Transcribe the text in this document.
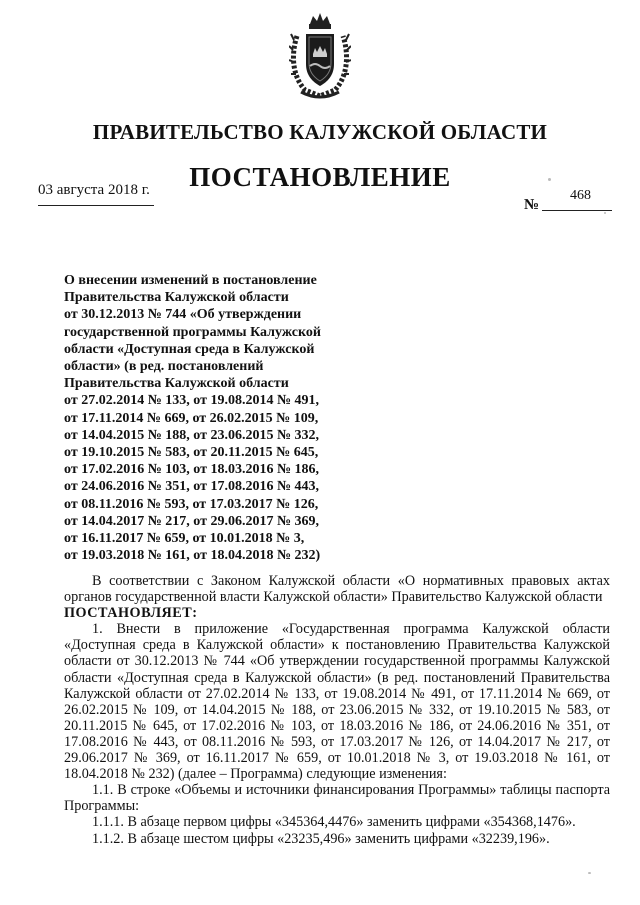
ПРАВИТЕЛЬСТВО КАЛУЖСКОЙ ОБЛАСТИ
ПОСТАНОВЛЕНИЕ
03 августа 2018 г.	468
№
О внесении изменений в постановление
Правительства Калужской области
от 30.12.2013 № 744 «Об утверждении
государственной программы Калужской
области «Доступная среда в Калужской
области» (в ред. постановлений
Правительства Калужской области
от 27.02.2014 № 133, от 19.08.2014 № 491,
от 17.11.2014 № 669, от 26.02.2015 № 109,
от 14.04.2015 № 188, от 23.06.2015 № 332,
от 19.10.2015 № 583, от 20.11.2015 № 645,
от 17.02.2016 № 103, от 18.03.2016 № 186,
от 24.06.2016 № 351, от 17.08.2016 № 443,
от 08.11.2016 № 593, от 17.03.2017 № 126,
от 14.04.2017 № 217, от 29.06.2017 № 369,
от 16.11.2017 № 659, от 10.01.2018 № 3,
от 19.03.2018 № 161, от 18.04.2018 № 232)

В соответствии с Законом Калужской области «О нормативных правовых актах органов государственной власти Калужской области» Правительство Калужской области

ПОСТАНОВЛЯЕТ:

1. Внести в приложение «Государственная программа Калужской области «Доступная среда в Калужской области» к постановлению Правительства Калужской области от 30.12.2013 № 744 «Об утверждении государственной программы Калужской области «Доступная среда в Калужской области» (в ред. постановлений Правительства Калужской области от 27.02.2014 № 133, от 19.08.2014 № 491, от 17.11.2014 № 669, от 26.02.2015 № 109, от 14.04.2015 № 188, от 23.06.2015 № 332, от 19.10.2015 № 583, от 20.11.2015 № 645, от 17.02.2016 № 103, от 18.03.2016 № 186, от 24.06.2016 № 351, от 17.08.2016 № 443, от 08.11.2016 № 593, от 17.03.2017 № 126, от 14.04.2017 № 217, от 29.06.2017 № 369, от 16.11.2017 № 659, от 10.01.2018 № 3, от 19.03.2018 № 161, от 18.04.2018 № 232) (далее – Программа) следующие изменения:

1.1. В строке «Объемы и источники финансирования Программы» таблицы паспорта Программы:

1.1.1. В абзаце первом цифры «345364,4476» заменить цифрами «354368,1476».

1.1.2. В абзаце шестом цифры «23235,496» заменить цифрами «32239,196».
